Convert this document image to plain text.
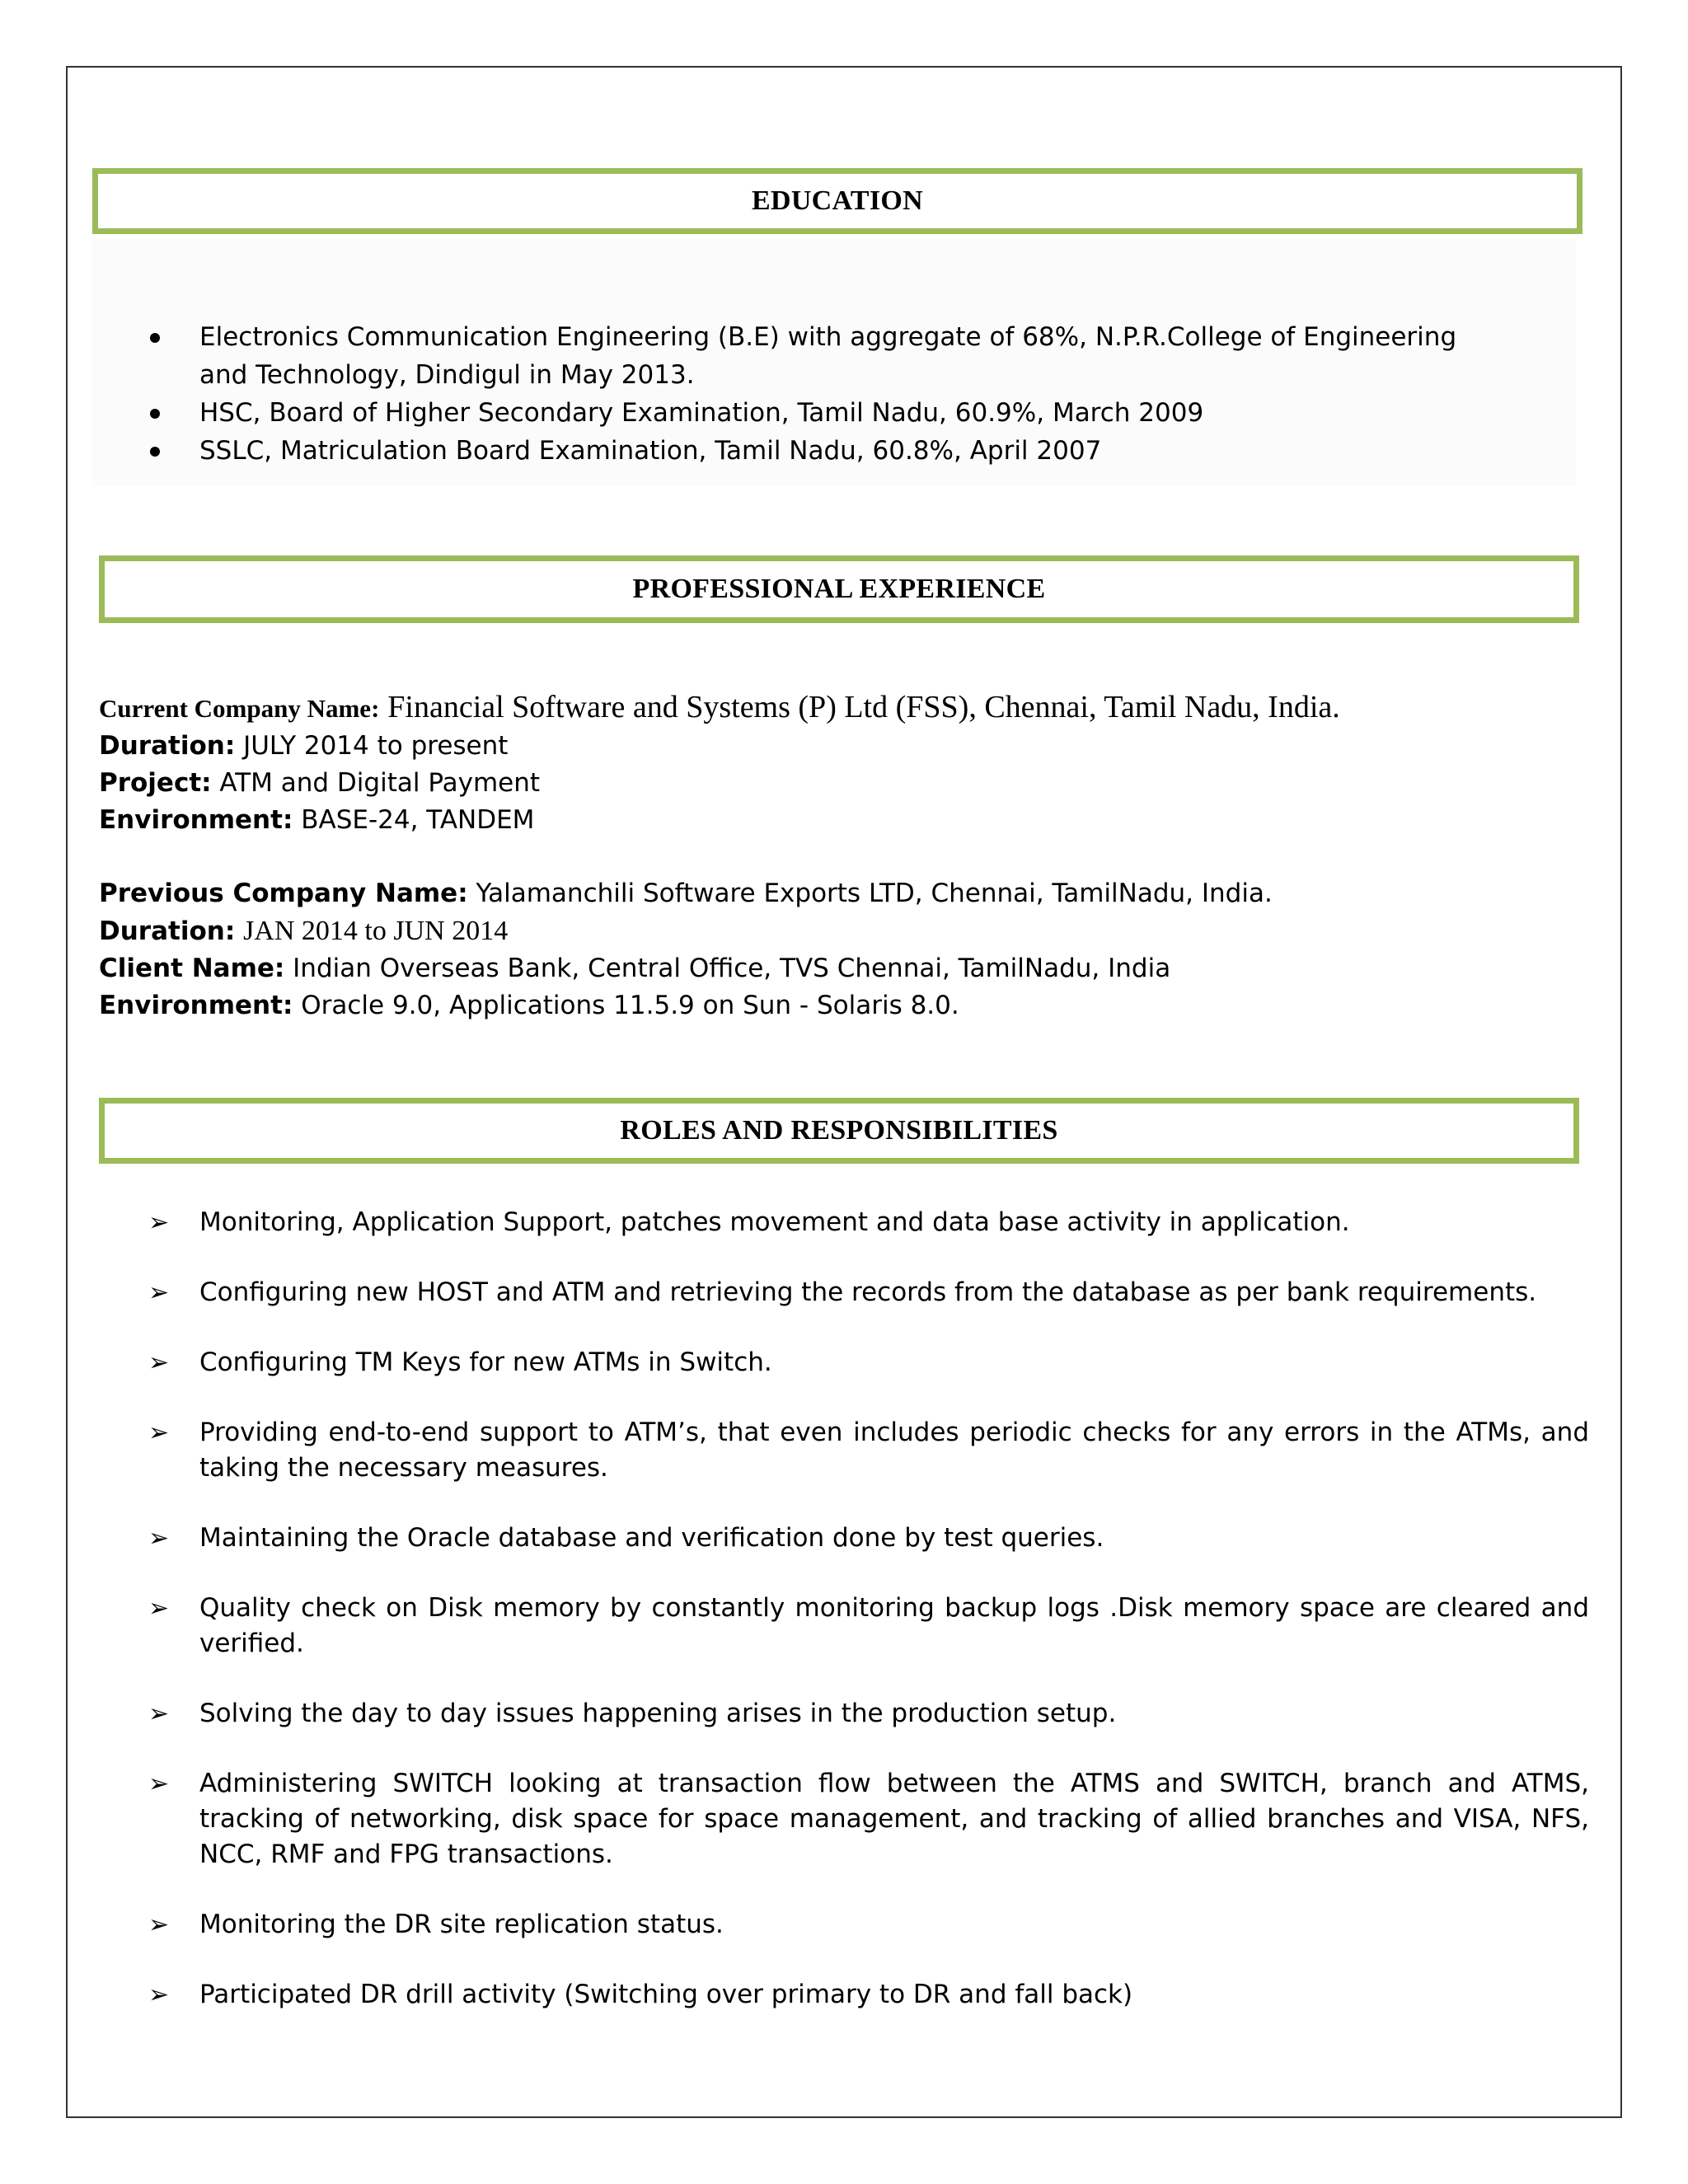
EDUCATION
Electronics Communication Engineering (B.E) with aggregate of 68%, N.P.R.College of Engineering and Technology, Dindigul in May 2013.
HSC, Board of Higher Secondary Examination, Tamil Nadu, 60.9%, March 2009
SSLC, Matriculation Board Examination, Tamil Nadu, 60.8%, April 2007
PROFESSIONAL EXPERIENCE
Current Company Name: Financial Software and Systems (P) Ltd (FSS), Chennai, Tamil Nadu, India.
Duration: JULY 2014 to present
Project: ATM and Digital Payment
Environment: BASE-24, TANDEM
Previous Company Name: Yalamanchili Software Exports LTD, Chennai, TamilNadu, India.
Duration: JAN 2014 to JUN 2014
Client Name: Indian Overseas Bank, Central Office, TVS Chennai, TamilNadu, India
Environment: Oracle 9.0, Applications 11.5.9 on Sun - Solaris 8.0.
ROLES AND RESPONSIBILITIES
➢ Monitoring, Application Support, patches movement and data base activity in application.
➢ Configuring new HOST and ATM and retrieving the records from the database as per bank requirements.
➢ Configuring TM Keys for new ATMs in Switch.
➢ Providing end-to-end support to ATM’s, that even includes periodic checks for any errors in the ATMs, and taking the necessary measures.
➢ Maintaining the Oracle database and verification done by test queries.
➢ Quality check on Disk memory by constantly monitoring backup logs .Disk memory space are cleared and verified.
➢ Solving the day to day issues happening arises in the production setup.
➢ Administering SWITCH looking at transaction flow between the ATMS and SWITCH, branch and ATMS, tracking of networking, disk space for space management, and tracking of allied branches and VISA, NFS, NCC, RMF and FPG transactions.
➢ Monitoring the DR site replication status.
➢ Participated DR drill activity (Switching over primary to DR and fall back)
